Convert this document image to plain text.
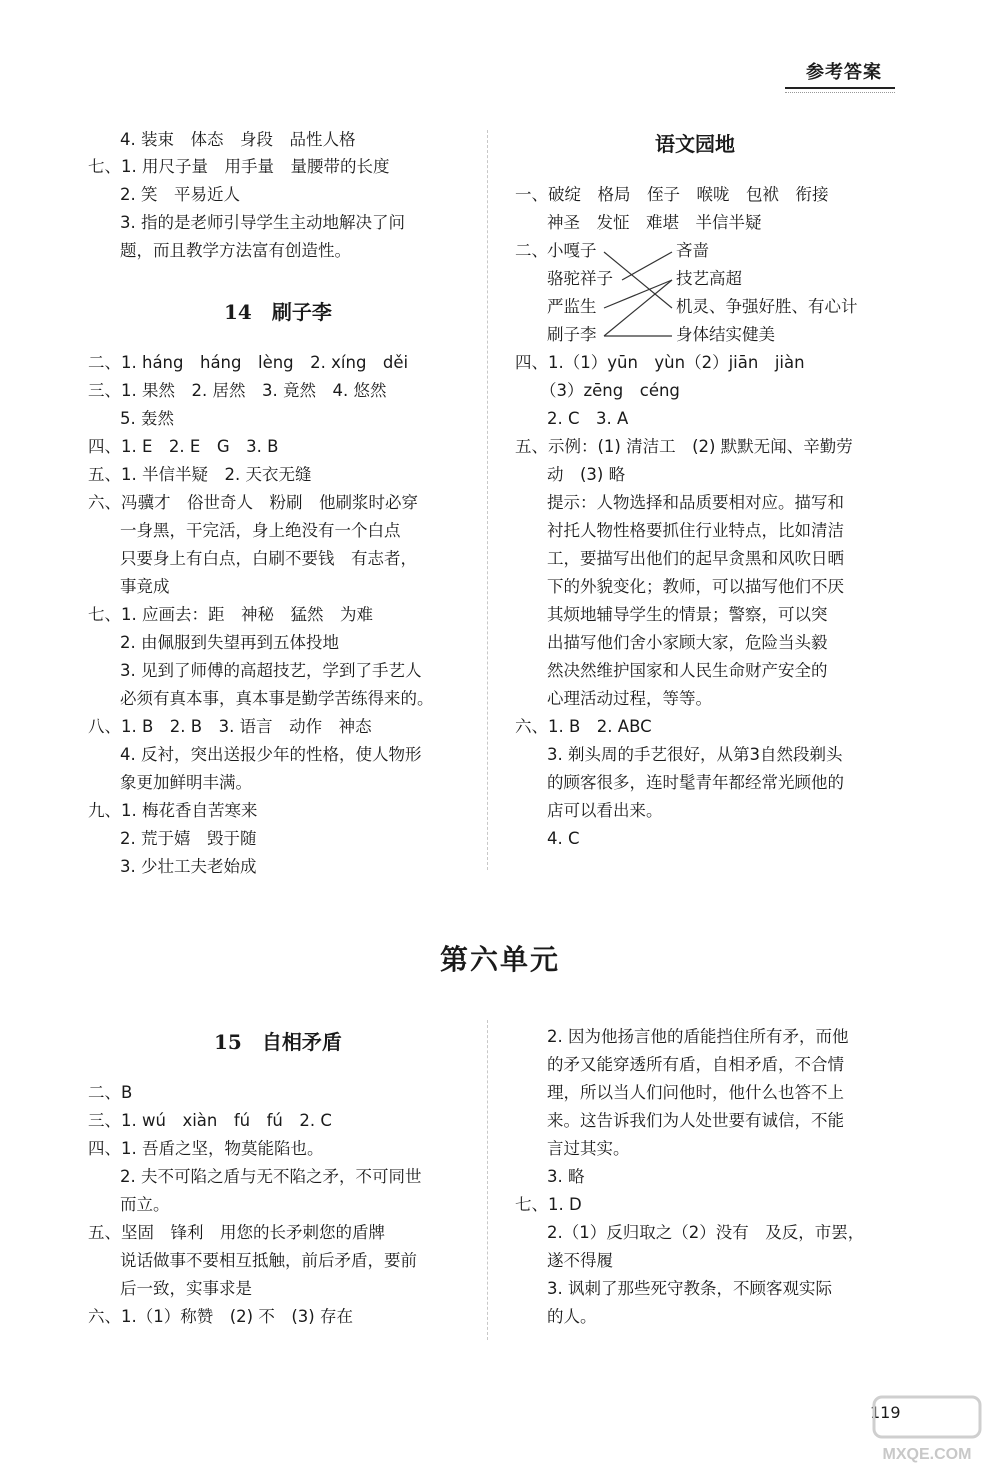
参考答案
4. 装束　体态　身段　品性人格
七、1. 用尺子量　用手量　量腰带的长度
2. 笑　平易近人
3. 指的是老师引导学生主动地解决了问
题，而且教学方法富有创造性。
14　刷子李
二、1. háng　háng　lèng　2. xíng　děi
三、1. 果然　2. 居然　3. 竟然　4. 悠然
5. 轰然
四、1. E　2. E　G　3. B
五、1. 半信半疑　2. 天衣无缝
六、冯骥才　俗世奇人　粉刷　他刷浆时必穿
一身黑，干完活，身上绝没有一个白点
只要身上有白点，白刷不要钱　有志者，
事竟成
七、1. 应画去：距　神秘　猛然　为难
2. 由佩服到失望再到五体投地
3. 见到了师傅的高超技艺，学到了手艺人
必须有真本事，真本事是勤学苦练得来的。
八、1. B　2. B　3. 语言　动作　神态
4. 反衬，突出送报少年的性格，使人物形
象更加鲜明丰满。
九、1. 梅花香自苦寒来
2. 荒于嬉　毁于随
3. 少壮工夫老始成
语文园地
一、破绽　格局　侄子　喉咙　包袱　衔接
神圣　发怔　难堪　半信半疑
二、 小嘎子
骆驼祥子
严监生
刷子李
吝啬
技艺高超
机灵、争强好胜、有心计
身体结实健美
四、1.（1）yūn　yùn（2）jiān　jiàn
（3）zēng　céng
2. C　3. A
五、示例：(1) 清洁工　(2) 默默无闻、辛勤劳
动　(3) 略
提示：人物选择和品质要相对应。描写和
衬托人物性格要抓住行业特点，比如清洁
工，要描写出他们的起早贪黑和风吹日晒
下的外貌变化；教师，可以描写他们不厌
其烦地辅导学生的情景；警察，可以突
出描写他们舍小家顾大家，危险当头毅
然决然维护国家和人民生命财产安全的
心理活动过程，等等。
六、1. B　2. ABC
3. 剃头周的手艺很好，从第3自然段剃头
的顾客很多，连时髦青年都经常光顾他的
店可以看出来。
4. C
第六单元
15　自相矛盾
二、B
三、1. wú　xiàn　fú　fú　2. C
四、1. 吾盾之坚，物莫能陷也。
2. 夫不可陷之盾与无不陷之矛，不可同世
而立。
五、坚固　锋利　用您的长矛刺您的盾牌
说话做事不要相互抵触，前后矛盾，要前
后一致，实事求是
六、1.（1）称赞　(2) 不　(3) 存在
2. 因为他扬言他的盾能挡住所有矛，而他
的矛又能穿透所有盾，自相矛盾，不合情
理，所以当人们问他时，他什么也答不上
来。这告诉我们为人处世要有诚信，不能
言过其实。
3. 略
七、1. D
2.（1）反归取之（2）没有　及反，市罢，
遂不得履
3. 讽刺了那些死守教条，不顾客观实际
的人。
119
MXQE.COM
